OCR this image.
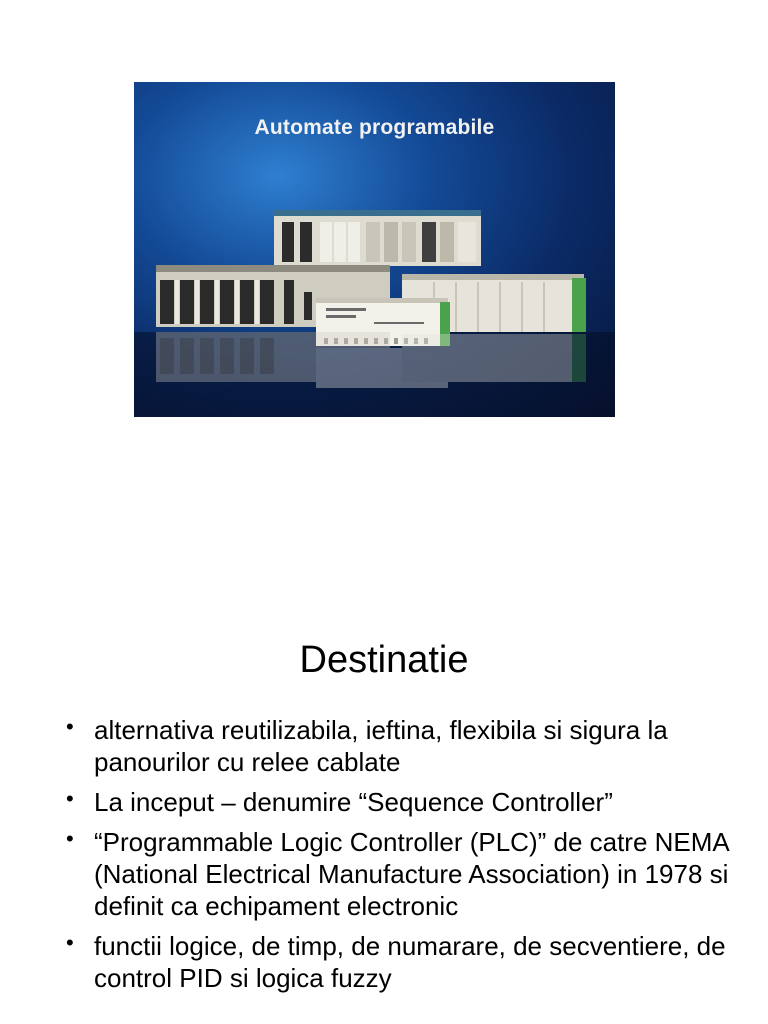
Automate programabile
Destinatie
• alternativa reutilizabila, ieftina, flexibila si sigura la panourilor cu relee cablate
• La inceput – denumire “Sequence Controller”
• “Programmable Logic Controller (PLC)” de catre NEMA (National Electrical Manufacture Association) in 1978 si definit ca echipament electronic
• functii logice, de timp, de numarare, de secventiere, de control PID si logica fuzzy
